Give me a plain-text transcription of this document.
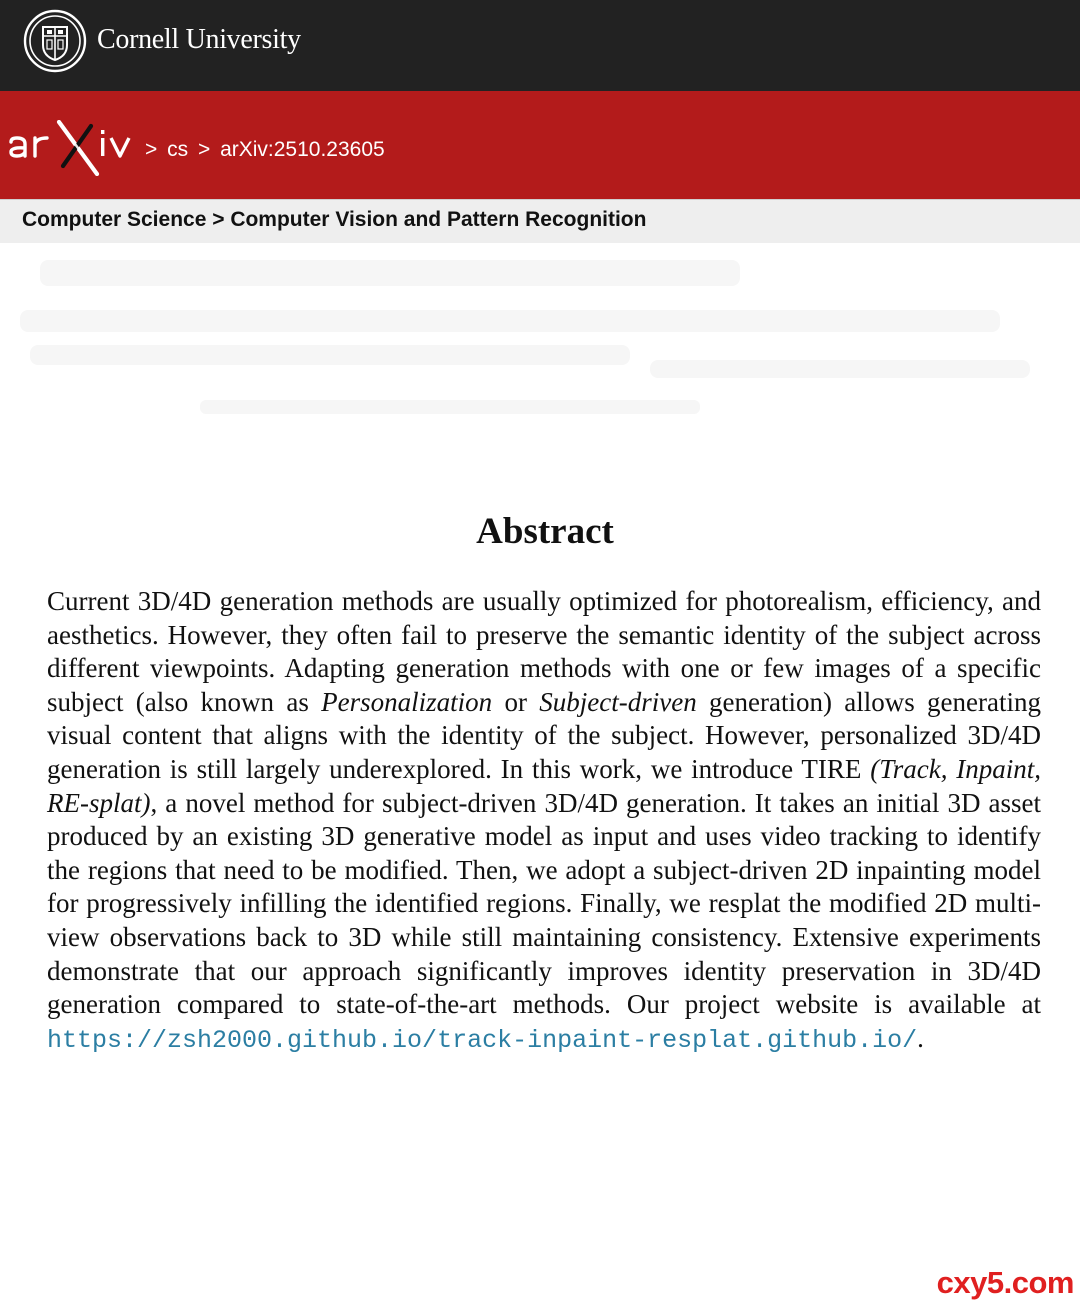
Cornell University
> cs > arXiv:2510.23605
Computer Science > Computer Vision and Pattern Recognition
Abstract
Current 3D/4D generation methods are usually optimized for photorealism, efficiency, and aesthetics. However, they often fail to preserve the semantic identity of the subject across different viewpoints. Adapting generation methods with one or few images of a specific subject (also known as Personalization or Subject-driven generation) allows generating visual content that aligns with the identity of the subject. However, personalized 3D/4D generation is still largely underexplored. In this work, we introduce TIRE (Track, Inpaint, RE-splat), a novel method for subject-driven 3D/4D generation. It takes an initial 3D asset produced by an existing 3D generative model as input and uses video tracking to identify the regions that need to be modified. Then, we adopt a subject-driven 2D inpainting model for progressively infilling the identified regions. Finally, we resplat the modified 2D multi-view observations back to 3D while still maintaining consistency. Extensive experiments demonstrate that our approach significantly improves identity preservation in 3D/4D generation compared to state-of-the-art methods. Our project website is available at https://zsh2000.github.io/track-inpaint-resplat.github.io/.
cxy5.com
